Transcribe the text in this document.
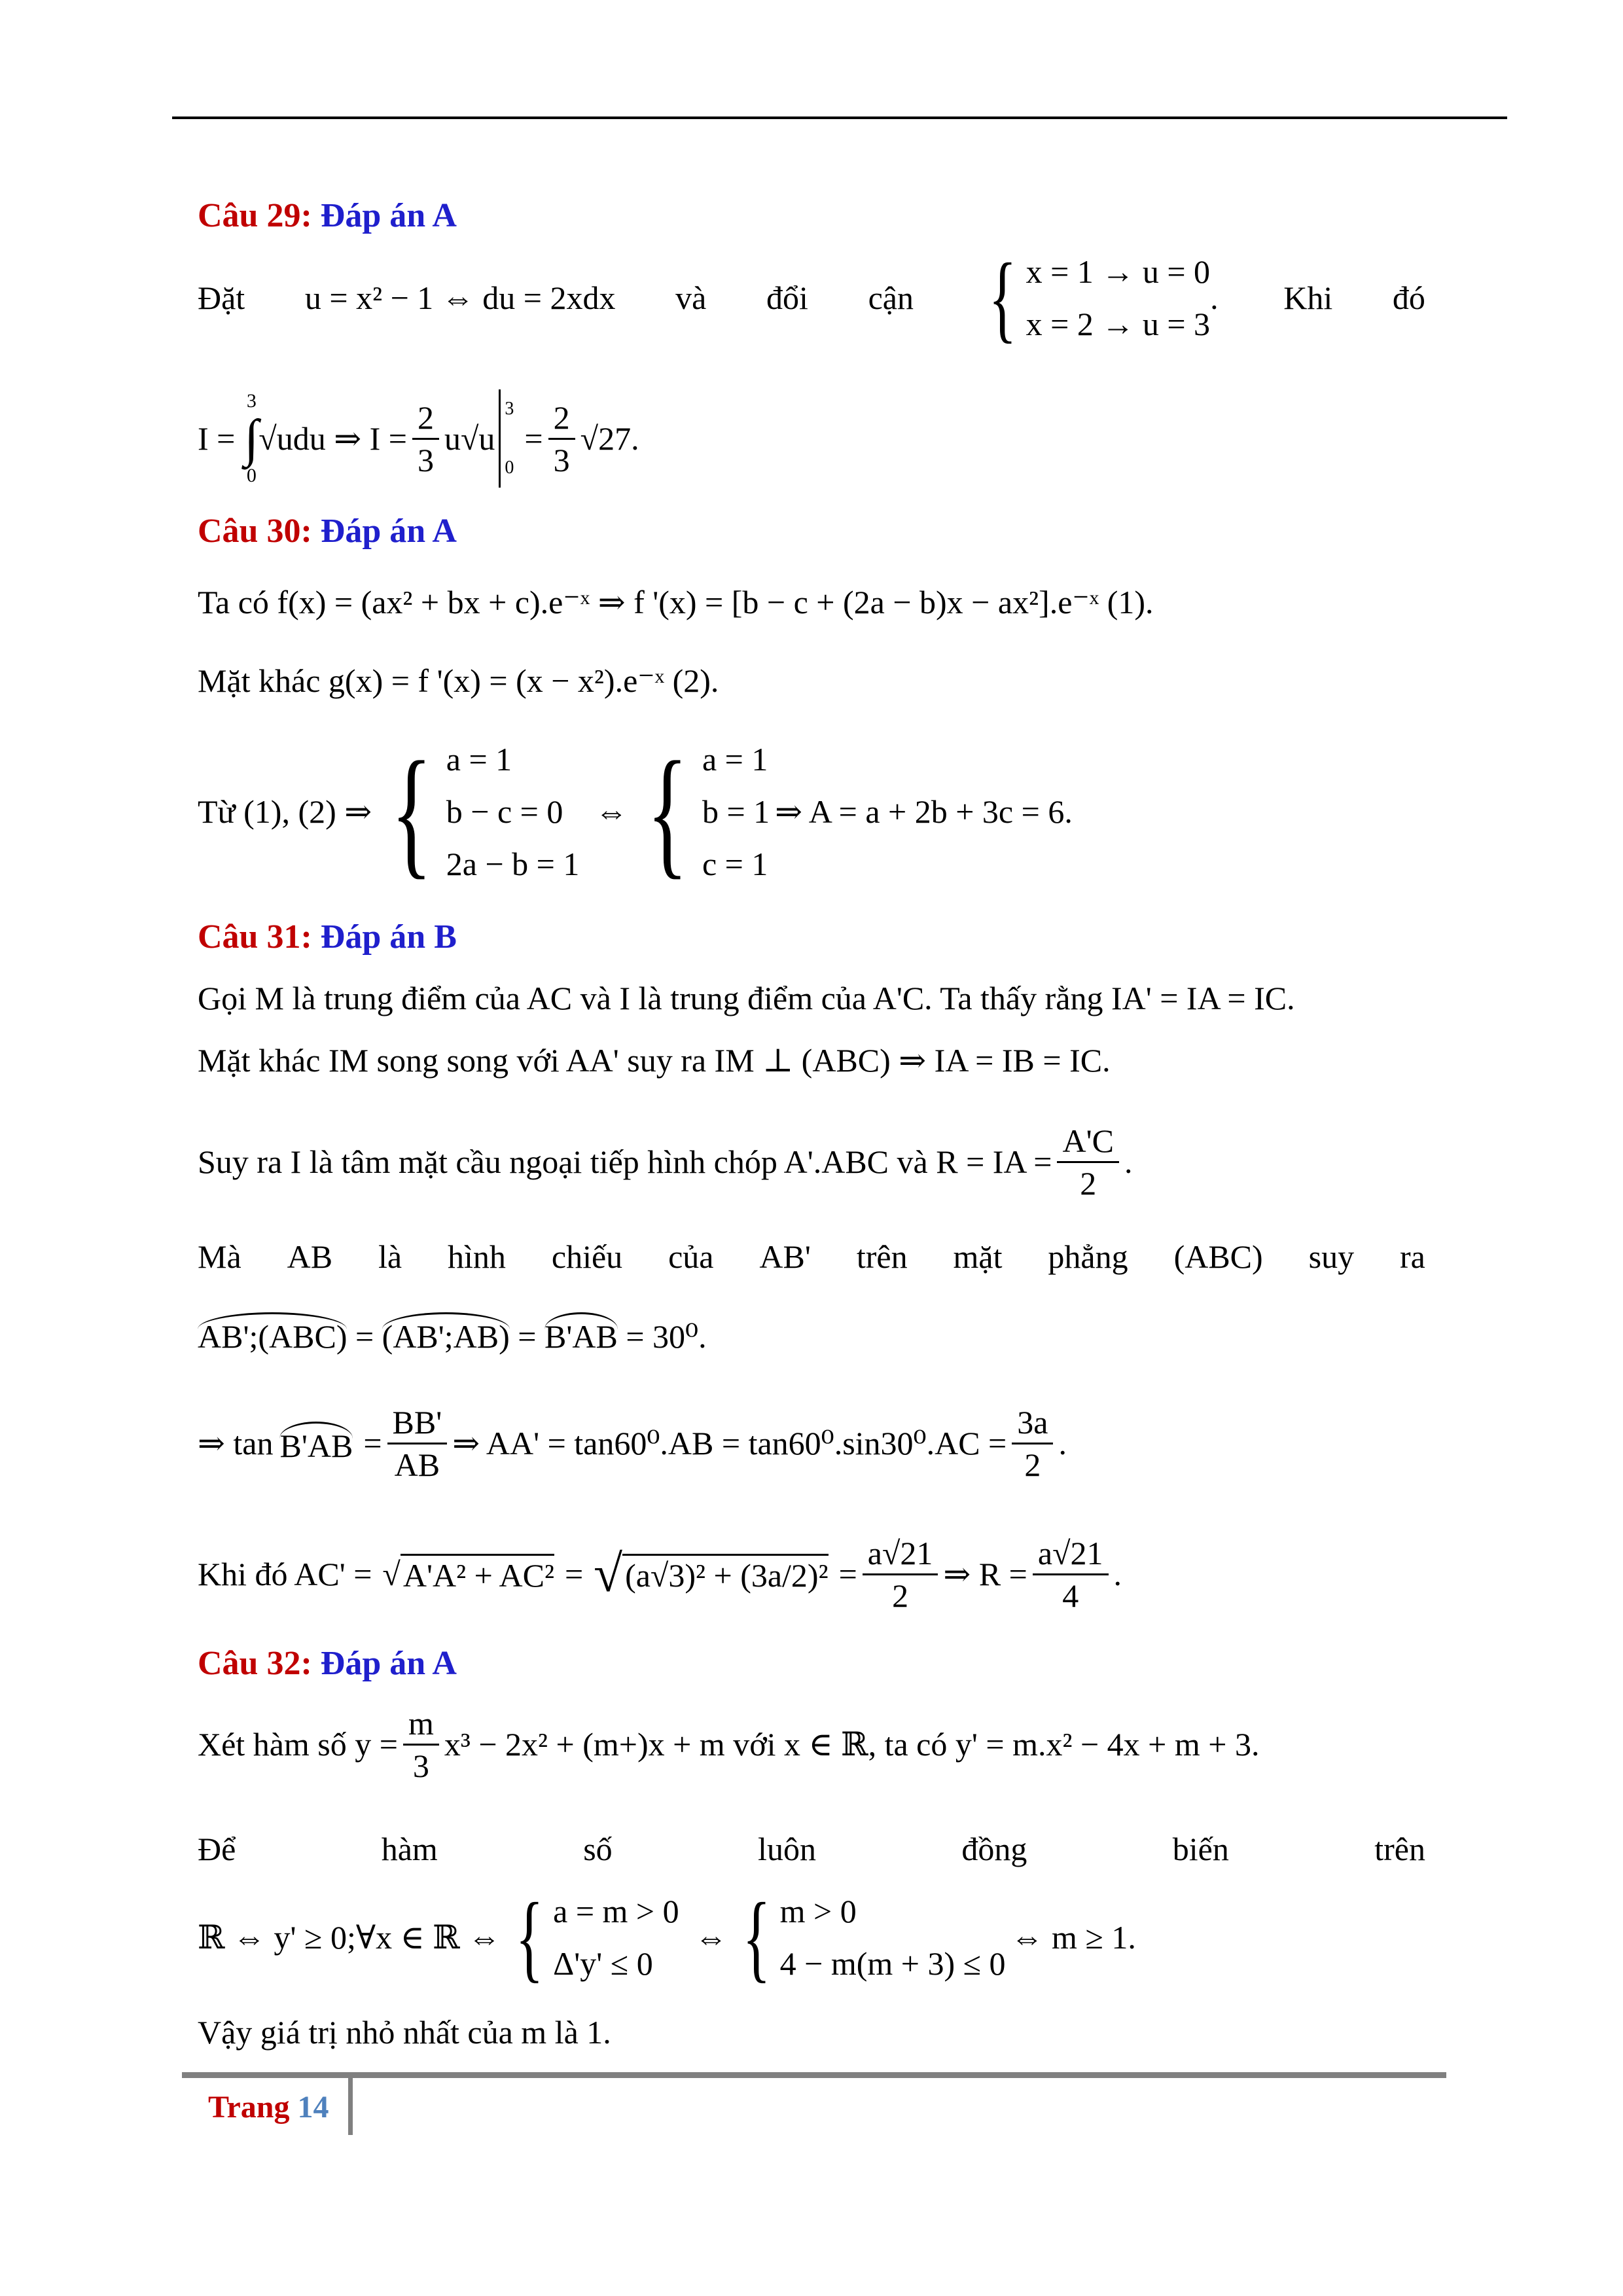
Câu 29: Đáp án A
Đặt u = x² − 1 ⇔ du = 2xdx và đổi cận { x = 1 → u = 0
x = 2 → u = 3
. Khi đó
I =
3
∫
0
√udu ⇒ $I = \frac{2}{3} u√u$
3
0
= $\frac{2}{3} √27$.
Câu 30: Đáp án A
Ta có f(x) = (ax² + bx + c).e⁻ˣ ⇒ f '(x) = [b − c + (2a − b)x − ax²].e⁻ˣ (1).
Mặt khác g(x) = f '(x) = (x − x²).e⁻ˣ (2).
Từ (1), (2) ⇒ { a = 1
b − c = 0
2a − b = 1
⇔ { a = 1
b = 1
c = 1
⇒ A = a + 2b + 3c = 6.
Câu 31: Đáp án B
Gọi M là trung điểm của AC và I là trung điểm của A'C. Ta thấy rằng IA' = IA = IC.
Mặt khác IM song song với AA' suy ra IM ⊥ (ABC) ⇒ IA = IB = IC.
Suy ra I là tâm mặt cầu ngoại tiếp hình chóp A'.ABC và R = IA = $\frac{A'C}{2}$ .
Mà AB là hình chiếu của AB' trên mặt phẳng (ABC) suy ra
AB';(ABC) = (AB';AB) = B'AB = 30⁰.
⇒ $\tan B'AB = \frac{BB'}{AB}$ ⇒ $AA' = \tan 60^0.AB = \tan 60^0.\sin 30^0.AC = \frac{3a}{2}$ .
Khi đó AC' = √ A'A² + AC² = √ $(a√3)^2 + (3a/2)^2 = \frac{a√21}{2}$ ⇒ $R = \frac{a√21}{4}$ .
Câu 32: Đáp án A
Xét hàm số $y = \frac{m}{3} x^3 - 2x^2 + (m+)x + m$ với x ∈ ℝ, ta có y' = m.x² − 4x + m + 3.
Để	hàm	số	luôn	đồng	biến	trên
ℝ ⇔ y' ≥ 0;∀x ∈ ℝ ⇔ { a = m > 0
Δ'y' ≤ 0
⇔ { m > 0
4 − m(m + 3) ≤ 0
⇔ m ≥ 1.
Vậy giá trị nhỏ nhất của m là 1.
Trang 14
